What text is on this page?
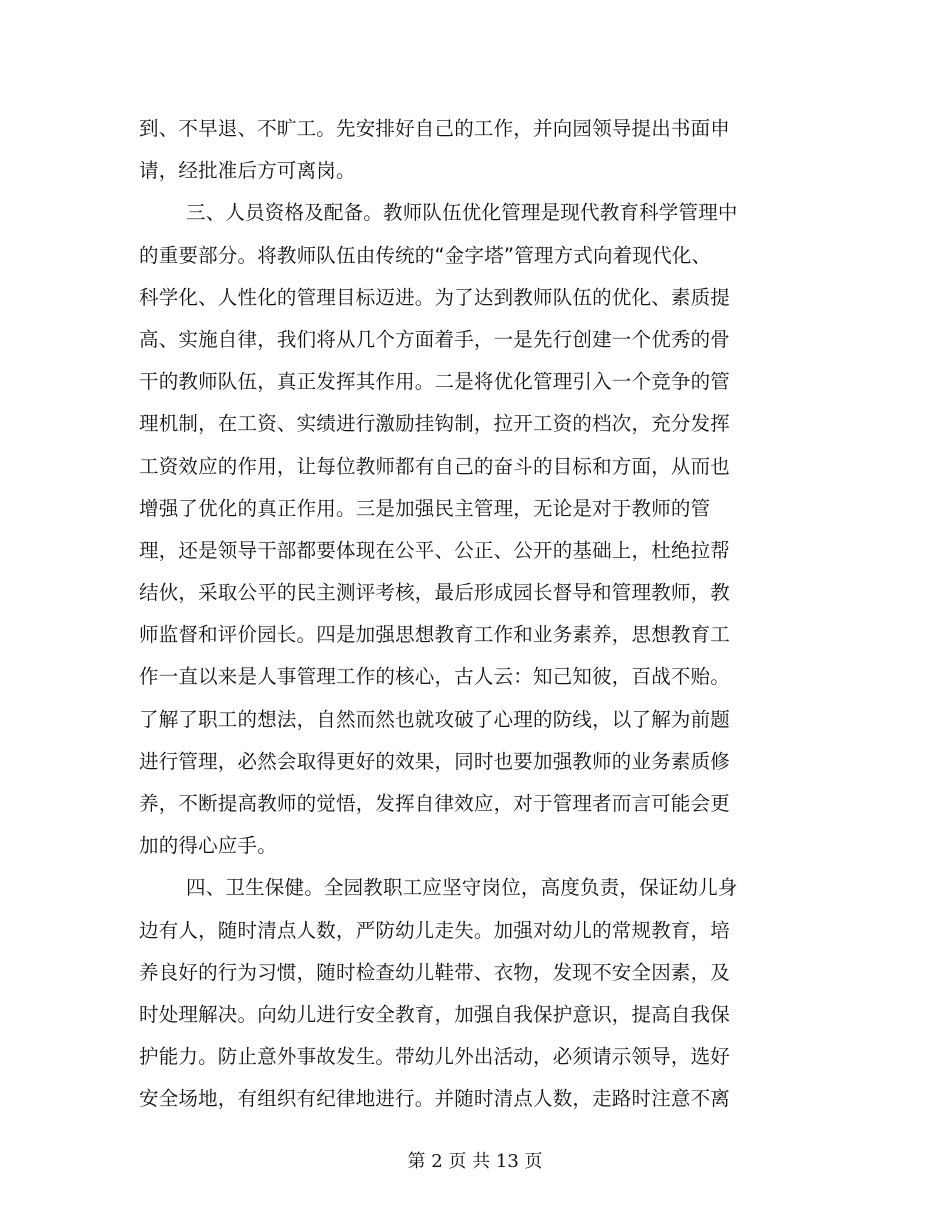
到、不早退、不旷工。先安排好自己的工作，并向园领导提出书面申
请，经批准后方可离岗。
三、人员资格及配备。教师队伍优化管理是现代教育科学管理中
的重要部分。将教师队伍由传统的“金字塔”管理方式向着现代化、
科学化、人性化的管理目标迈进。为了达到教师队伍的优化、素质提
高、实施自律，我们将从几个方面着手，一是先行创建一个优秀的骨
干的教师队伍，真正发挥其作用。二是将优化管理引入一个竞争的管
理机制，在工资、实绩进行激励挂钩制，拉开工资的档次，充分发挥
工资效应的作用，让每位教师都有自己的奋斗的目标和方面，从而也
增强了优化的真正作用。三是加强民主管理，无论是对于教师的管
理，还是领导干部都要体现在公平、公正、公开的基础上，杜绝拉帮
结伙，采取公平的民主测评考核，最后形成园长督导和管理教师，教
师监督和评价园长。四是加强思想教育工作和业务素养，思想教育工
作一直以来是人事管理工作的核心，古人云：知己知彼，百战不贻。
了解了职工的想法，自然而然也就攻破了心理的防线，以了解为前题
进行管理，必然会取得更好的效果，同时也要加强教师的业务素质修
养，不断提高教师的觉悟，发挥自律效应，对于管理者而言可能会更
加的得心应手。
四、卫生保健。全园教职工应坚守岗位，高度负责，保证幼儿身
边有人，随时清点人数，严防幼儿走失。加强对幼儿的常规教育，培
养良好的行为习惯，随时检查幼儿鞋带、衣物，发现不安全因素，及
时处理解决。向幼儿进行安全教育，加强自我保护意识，提高自我保
护能力。防止意外事故发生。带幼儿外出活动，必须请示领导，选好
安全场地，有组织有纪律地进行。并随时清点人数，走路时注意不离
第 2 页 共 13 页
